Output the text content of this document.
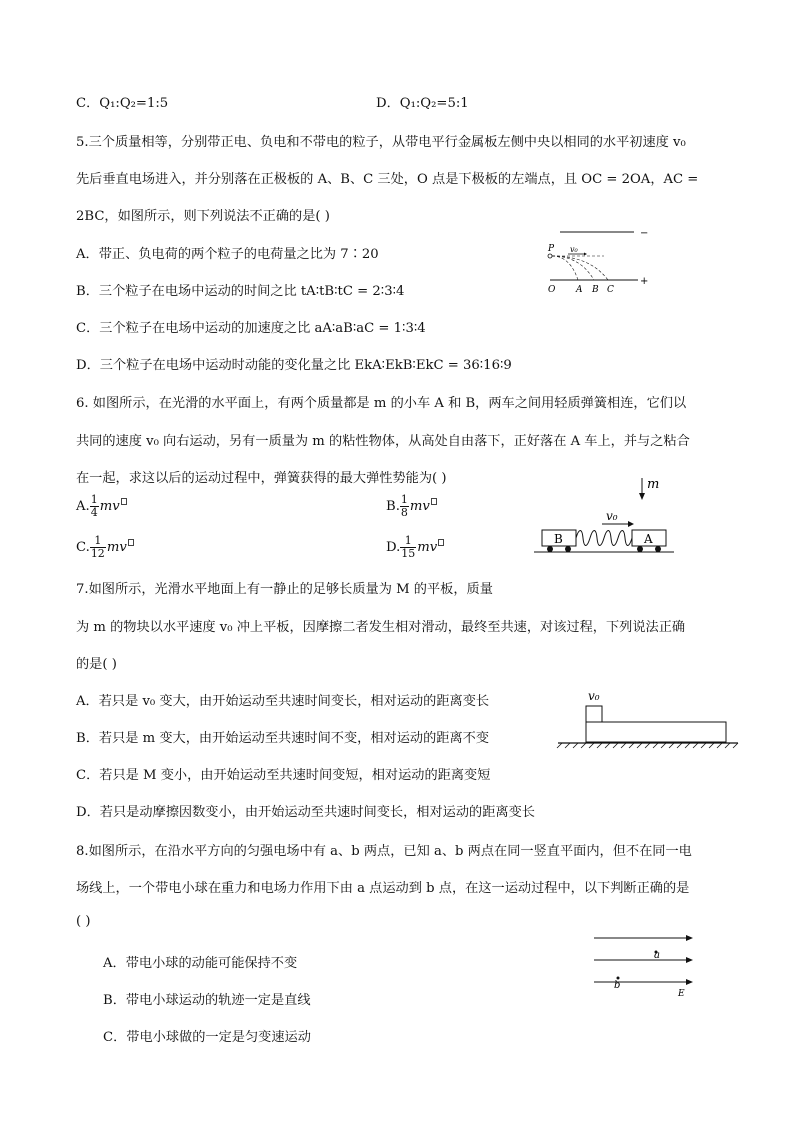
C．Q₁:Q₂=1:5	D．Q₁:Q₂=5:1
5.三个质量相等，分别带正电、负电和不带电的粒子，从带电平行金属板左侧中央以相同的水平初速度 v₀
先后垂直电场进入，并分别落在正极板的 A、B、C 三处，O 点是下极板的左端点，且 OC = 2OA，AC =
2BC，如图所示，则下列说法不正确的是( )
A．带正、负电荷的两个粒子的电荷量之比为 7∶20
B．三个粒子在电场中运动的时间之比 tA∶tB∶tC = 2∶3∶4
C．三个粒子在电场中运动的加速度之比 aA∶aB∶aC = 1∶3∶4
D．三个粒子在电场中运动时动能的变化量之比 EkA∶EkB∶EkC = 36∶16∶9
−
+
P v₀
O A B C
6. 如图所示，在光滑的水平面上，有两个质量都是 m 的小车 A 和 B，两车之间用轻质弹簧相连，它们以
共同的速度 v₀ 向右运动，另有一质量为 m 的粘性物体，从高处自由落下，正好落在 A 车上，并与之粘合
在一起，求这以后的运动过程中，弹簧获得的最大弹性势能为( )
A. $\frac{1}{4}$ mv	B. $\frac{1}{8}$ mv
C. $\frac{1}{12}$ mv	D. $\frac{1}{15}$ mv
m
v₀
B	A
7.如图所示，光滑水平地面上有一静止的足够长质量为 M 的平板，质量
为 m 的物块以水平速度 v₀ 冲上平板，因摩擦二者发生相对滑动，最终至共速，对该过程，下列说法正确
的是( )
A．若只是 v₀ 变大，由开始运动至共速时间变长，相对运动的距离变长
B．若只是 m 变大，由开始运动至共速时间不变，相对运动的距离不变
C．若只是 M 变小，由开始运动至共速时间变短，相对运动的距离变短
D．若只是动摩擦因数变小，由开始运动至共速时间变长，相对运动的距离变长
v₀
8.如图所示，在沿水平方向的匀强电场中有 a、b 两点，已知 a、b 两点在同一竖直平面内，但不在同一电
场线上，一个带电小球在重力和电场力作用下由 a 点运动到 b 点，在这一运动过程中，以下判断正确的是
( )
A．带电小球的动能可能保持不变
B．带电小球运动的轨迹一定是直线
C．带电小球做的一定是匀变速运动
a
b
E
